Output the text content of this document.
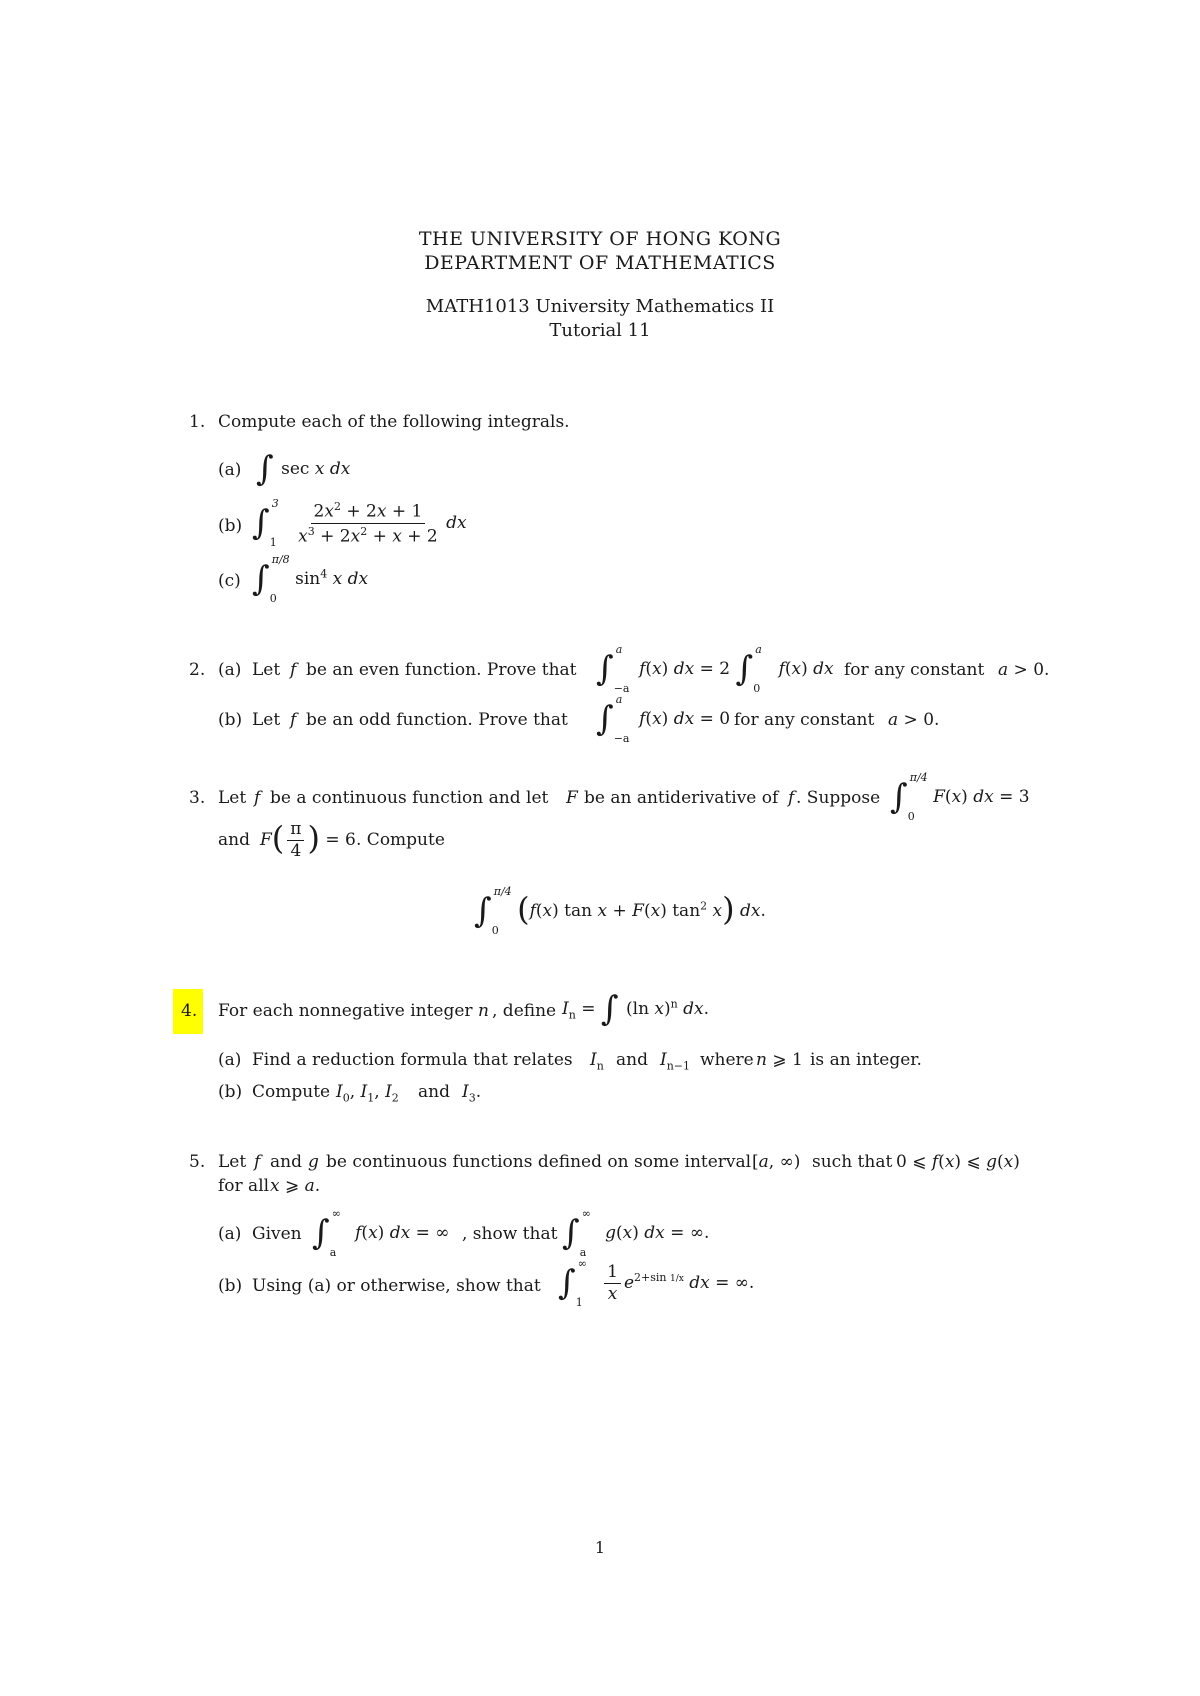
THE UNIVERSITY OF HONG KONG
DEPARTMENT OF MATHEMATICS
MATH1013 University Mathematics II
Tutorial 11
1. Compute each of the following integrals.
(a) ∫ sec x dx
(b) ∫ 3
1
$\frac{2x^2 + 2x + 1}{x^3 + 2x^2 + x + 2}$ dx
(c) ∫ π/8
0
$\sin^4 x$ dx
2. (a) Let f be an even function. Prove that ∫ a
−a
f(x) dx = 2 ∫ a
0
f(x) dx for any constant a > 0.
(b) Let f be an odd function. Prove that ∫ a
−a
f(x) dx = 0 for any constant a > 0.
3. Let f be a continuous function and let F be an antiderivative of f . Suppose ∫ π/4
0
F(x) dx = 3
and $F( \frac{\pi}{4}$ ) = 6 . Compute
∫ π/4
0
(f(x) tan x + F(x) $\tan^2 x$) dx.
4.	For each nonnegative integer n , define $I_n$ = ∫ (ln x)$^n$ dx.
(a) Find a reduction formula that relates $I_n$ and $I_{n-1}$ where n ⩾ 1 is an integer.
(b) Compute $I_0$, $I_1$, $I_2$ and $I_3$.
5. Let f and g be continuous functions defined on some interval [a, ∞) such that 0 ⩽ f(x) ⩽ g(x)
for all x ⩾ a.
(a) Given ∫ ∞
a
f(x) dx = ∞ , show that ∫ ∞
a
g(x) dx = ∞.
(b) Using (a) or otherwise, show that ∫ ∞
1
$\frac{1}{x} e^{2+sin 1/x}$ dx = ∞.
1
